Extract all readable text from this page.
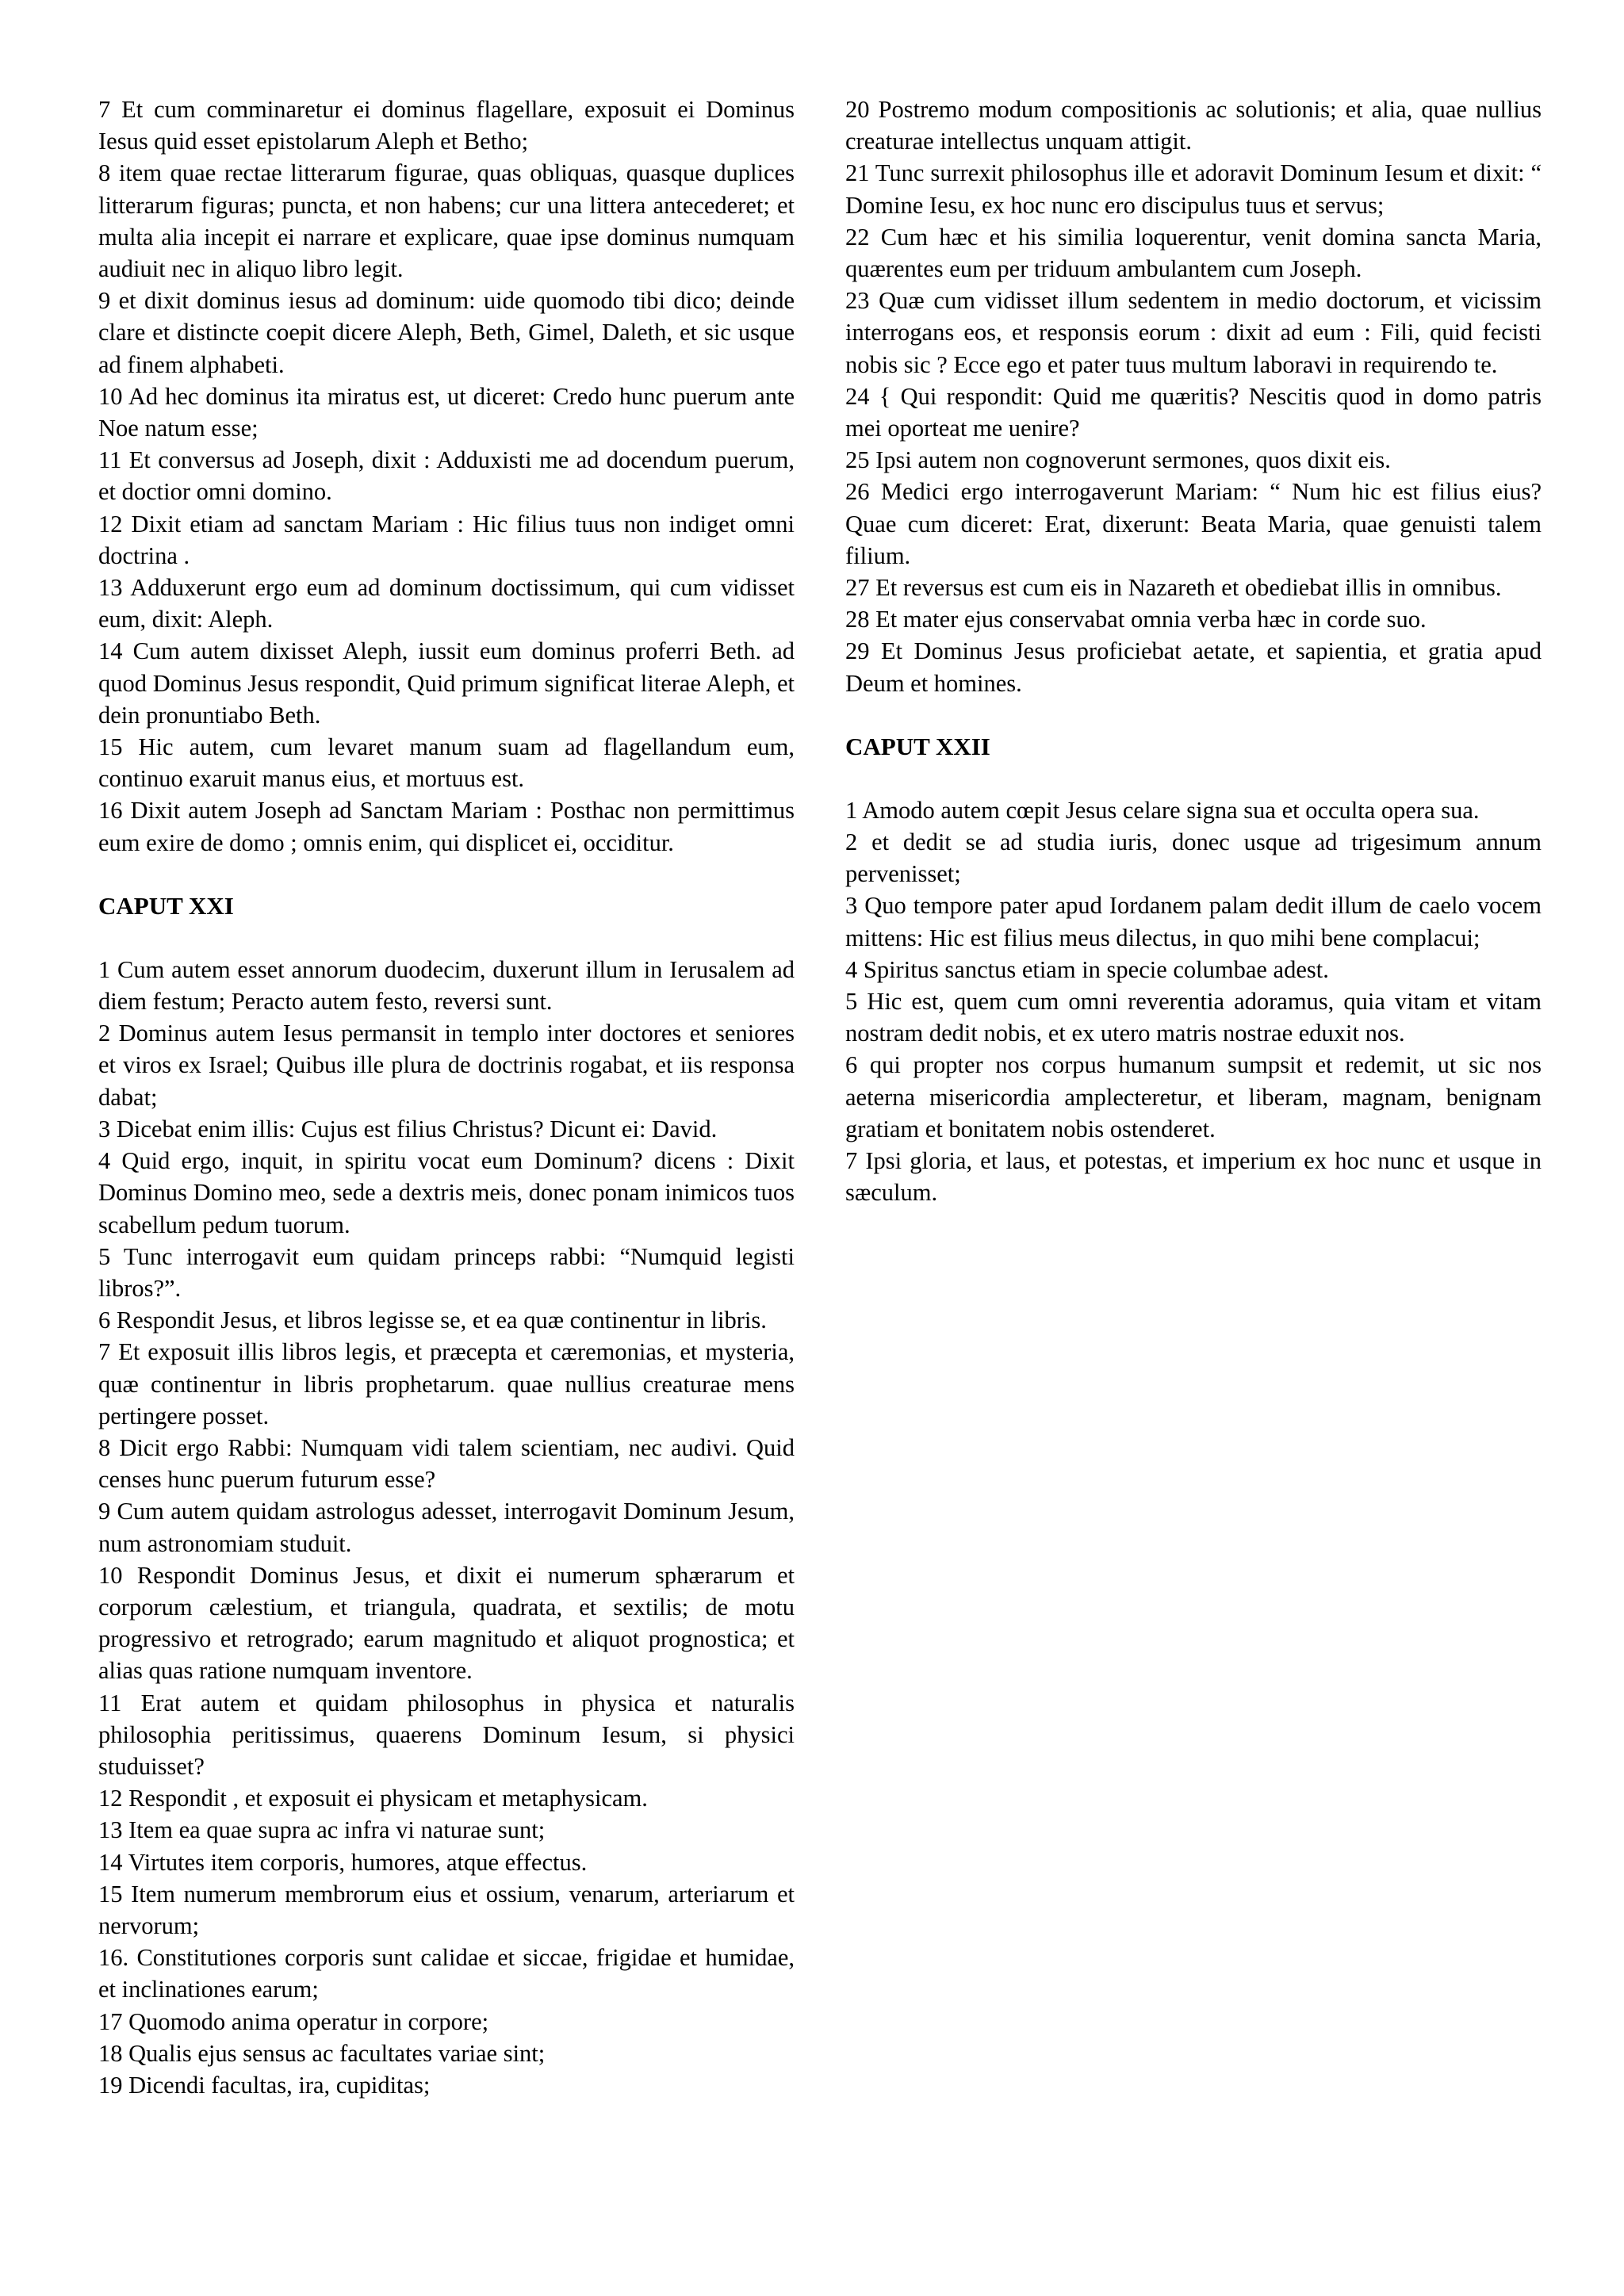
7 Et cum comminaretur ei dominus flagellare, exposuit ei Dominus Iesus quid esset epistolarum Aleph et Betho;

8 item quae rectae litterarum figurae, quas obliquas, quasque duplices litterarum figuras; puncta, et non habens; cur una littera antecederet; et multa alia incepit ei narrare et explicare, quae ipse dominus numquam audiuit nec in aliquo libro legit.

9 et dixit dominus iesus ad dominum: uide quomodo tibi dico; deinde clare et distincte coepit dicere Aleph, Beth, Gimel, Daleth, et sic usque ad finem alphabeti.

10 Ad hec dominus ita miratus est, ut diceret: Credo hunc puerum ante Noe natum esse;

11 Et conversus ad Joseph, dixit : Adduxisti me ad docendum puerum, et doctior omni domino.

12 Dixit etiam ad sanctam Mariam : Hic filius tuus non indiget omni doctrina .

13 Adduxerunt ergo eum ad dominum doctissimum, qui cum vidisset eum, dixit: Aleph.

14 Cum autem dixisset Aleph, iussit eum dominus proferri Beth. ad quod Dominus Jesus respondit, Quid primum significat literae Aleph, et dein pronuntiabo Beth.

15 Hic autem, cum levaret manum suam ad flagellandum eum, continuo exaruit manus eius, et mortuus est.

16 Dixit autem Joseph ad Sanctam Mariam : Posthac non permittimus eum exire de domo ; omnis enim, qui displicet ei, occiditur.

CAPUT XXI

1 Cum autem esset annorum duodecim, duxerunt illum in Ierusalem ad diem festum; Peracto autem festo, reversi sunt.

2 Dominus autem Iesus permansit in templo inter doctores et seniores et viros ex Israel; Quibus ille plura de doctrinis rogabat, et iis responsa dabat;

3 Dicebat enim illis: Cujus est filius Christus? Dicunt ei: David.

4 Quid ergo, inquit, in spiritu vocat eum Dominum? dicens : Dixit Dominus Domino meo, sede a dextris meis, donec ponam inimicos tuos scabellum pedum tuorum.

5 Tunc interrogavit eum quidam princeps rabbi: “Numquid legisti libros?”.

6 Respondit Jesus, et libros legisse se, et ea quæ continentur in libris.

7 Et exposuit illis libros legis, et præcepta et cæremonias, et mysteria, quæ continentur in libris prophetarum. quae nullius creaturae mens pertingere posset.

8 Dicit ergo Rabbi: Numquam vidi talem scientiam, nec audivi. Quid censes hunc puerum futurum esse?

9 Cum autem quidam astrologus adesset, interrogavit Dominum Jesum, num astronomiam studuit.

10 Respondit Dominus Jesus, et dixit ei numerum sphærarum et corporum cælestium, et triangula, quadrata, et sextilis; de motu progressivo et retrogrado; earum magnitudo et aliquot prognostica; et alias quas ratione numquam inventore.

11 Erat autem et quidam philosophus in physica et naturalis philosophia peritissimus, quaerens Dominum Iesum, si physici studuisset?

12 Respondit , et exposuit ei physicam et metaphysicam.

13 Item ea quae supra ac infra vi naturae sunt;

14 Virtutes item corporis, humores, atque effectus.

15 Item numerum membrorum eius et ossium, venarum, arteriarum et nervorum;

16. Constitutiones corporis sunt calidae et siccae, frigidae et humidae, et inclinationes earum;

17 Quomodo anima operatur in corpore;

18 Qualis ejus sensus ac facultates variae sint;

19 Dicendi facultas, ira, cupiditas;

20 Postremo modum compositionis ac solutionis; et alia, quae nullius creaturae intellectus unquam attigit.

21 Tunc surrexit philosophus ille et adoravit Dominum Iesum et dixit: “ Domine Iesu, ex hoc nunc ero discipulus tuus et servus;

22 Cum hæc et his similia loquerentur, venit domina sancta Maria, quærentes eum per triduum ambulantem cum Joseph.

23 Quæ cum vidisset illum sedentem in medio doctorum, et vicissim interrogans eos, et responsis eorum : dixit ad eum : Fili, quid fecisti nobis sic ? Ecce ego et pater tuus multum laboravi in requirendo te.

24 { Qui respondit: Quid me quæritis? Nescitis quod in domo patris mei oporteat me uenire?

25 Ipsi autem non cognoverunt sermones, quos dixit eis.

26 Medici ergo interrogaverunt Mariam: “ Num hic est filius eius? Quae cum diceret: Erat, dixerunt: Beata Maria, quae genuisti talem filium.

27 Et reversus est cum eis in Nazareth et obediebat illis in omnibus.

28 Et mater ejus conservabat omnia verba hæc in corde suo.

29 Et Dominus Jesus proficiebat aetate, et sapientia, et gratia apud Deum et homines.

CAPUT XXII

1 Amodo autem cœpit Jesus celare signa sua et occulta opera sua.

2 et dedit se ad studia iuris, donec usque ad trigesimum annum pervenisset;

3 Quo tempore pater apud Iordanem palam dedit illum de caelo vocem mittens: Hic est filius meus dilectus, in quo mihi bene complacui;

4 Spiritus sanctus etiam in specie columbae adest.

5 Hic est, quem cum omni reverentia adoramus, quia vitam et vitam nostram dedit nobis, et ex utero matris nostrae eduxit nos.

6 qui propter nos corpus humanum sumpsit et redemit, ut sic nos aeterna misericordia amplecteretur, et liberam, magnam, benignam gratiam et bonitatem nobis ostenderet.

7 Ipsi gloria, et laus, et potestas, et imperium ex hoc nunc et usque in sæculum.
